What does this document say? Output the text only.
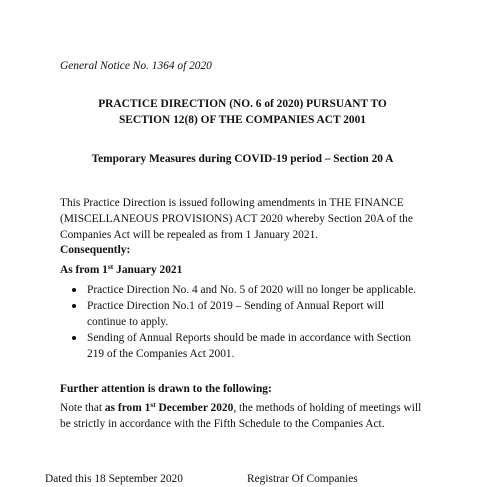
General Notice No. 1364 of 2020
PRACTICE DIRECTION (NO. 6 of 2020) PURSUANT TO
SECTION 12(8) OF THE COMPANIES ACT 2001
Temporary Measures during COVID-19 period – Section 20 A
This Practice Direction is issued following amendments in THE FINANCE
(MISCELLANEOUS PROVISIONS) ACT 2020 whereby Section 20A of the
Companies Act will be repealed as from 1 January 2021.
Consequently:
As from 1st January 2021
Practice Direction No. 4 and No. 5 of 2020 will no longer be applicable.
Practice Direction No.1 of 2019 – Sending of Annual Report will
continue to apply.
Sending of Annual Reports should be made in accordance with Section
219 of the Companies Act 2001.
Further attention is drawn to the following:
Note that as from 1st December 2020, the methods of holding of meetings will
be strictly in accordance with the Fifth Schedule to the Companies Act.
Dated this 18 September 2020	Registrar Of Companies
